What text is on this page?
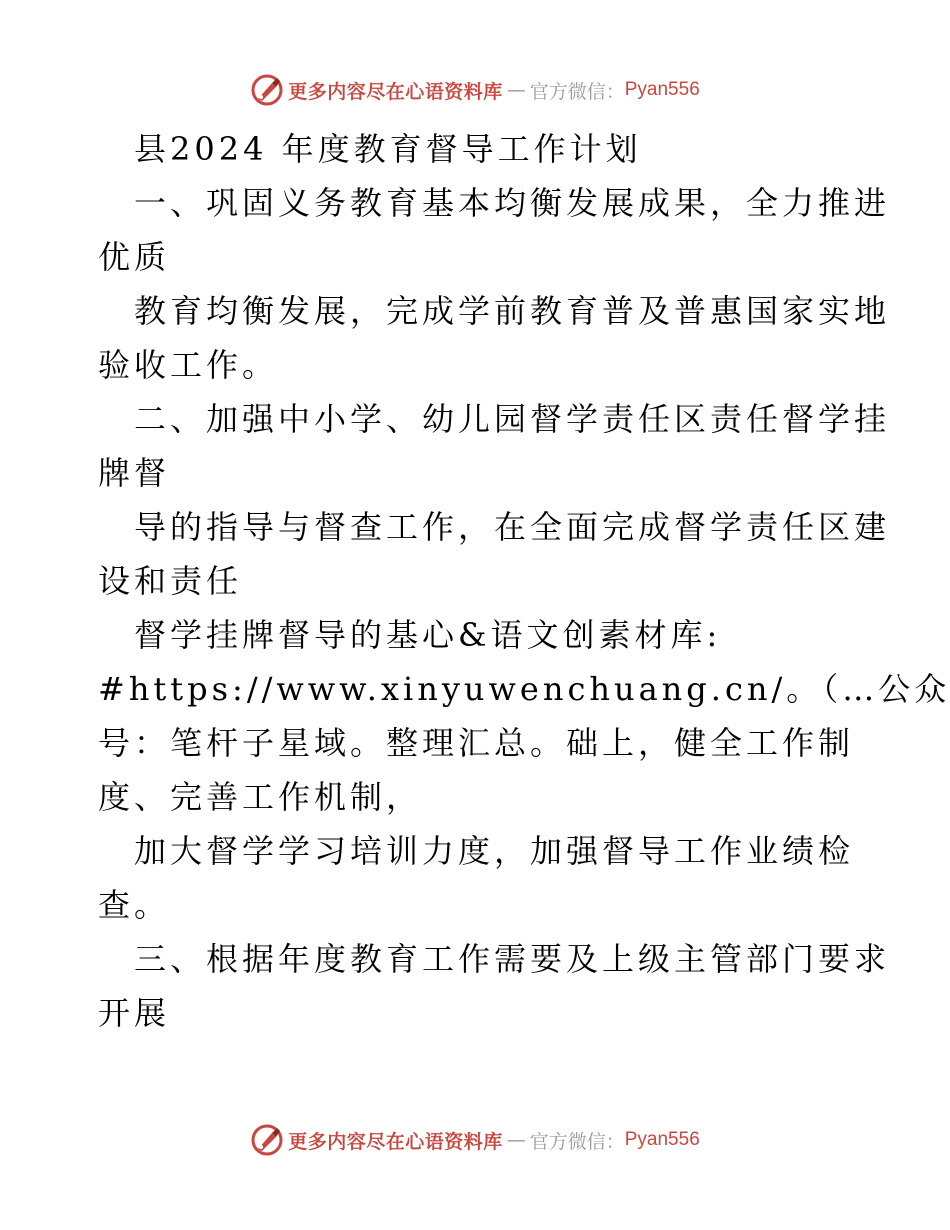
更多内容尽在心语资料库 — 官方微信： Pyan556

县2024 年度教育督导工作计划

一、巩固义务教育基本均衡发展成果，全力推进

优质

教育均衡发展，完成学前教育普及普惠国家实地

验收工作。

二、加强中小学、幼儿园督学责任区责任督学挂

牌督

导的指导与督查工作，在全面完成督学责任区建

设和责任

督学挂牌督导的基心&语文创素材库:

#https://www.xinyuwenchuang.cn/。（…公众

号：笔杆子星域。整理汇总。础上，健全工作制

度、完善工作机制，

加大督学学习培训力度，加强督导工作业绩检

查。

三、根据年度教育工作需要及上级主管部门要求

开展

更多内容尽在心语资料库 — 官方微信： Pyan556
